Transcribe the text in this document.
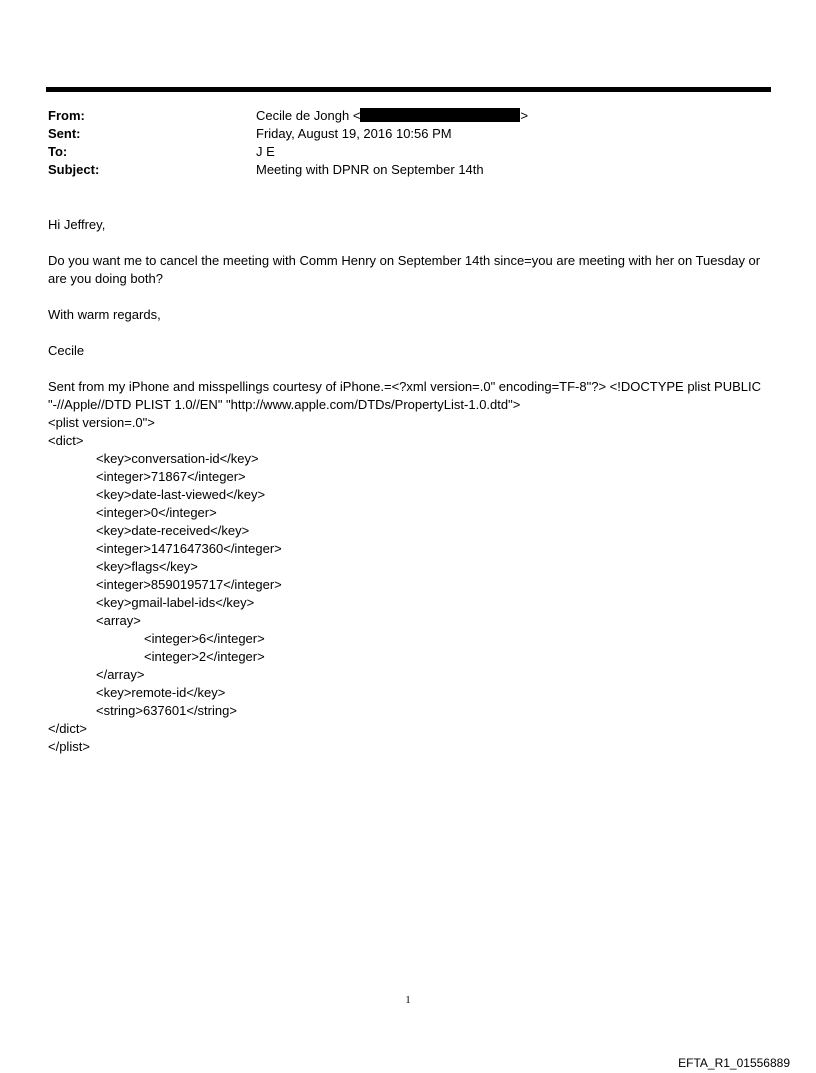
From:	Cecile de Jongh <	>
Sent:	Friday, August 19, 2016 10:56 PM
To:	J E
Subject:	Meeting with DPNR on September 14th

Hi Jeffrey,

Do you want me to cancel the meeting with Comm Henry on September 14th since=you are meeting with her on Tuesday or are you doing both?

With warm regards,

Cecile

Sent from my iPhone and misspellings courtesy of iPhone.=<?xml version=.0" encoding=TF-8"?> <!DOCTYPE plist PUBLIC "-//Apple//DTD PLIST 1.0//EN" "http://www.apple.com/DTDs/PropertyList-1.0.dtd">

<plist version=.0">
<dict>
<key>conversation-id</key>
<integer>71867</integer>
<key>date-last-viewed</key>
<integer>0</integer>
<key>date-received</key>
<integer>1471647360</integer>
<key>flags</key>
<integer>8590195717</integer>
<key>gmail-label-ids</key>
<array>
<integer>6</integer>
<integer>2</integer>
</array>
<key>remote-id</key>
<string>637601</string>
</dict>
</plist>
1
EFTA_R1_01556889
